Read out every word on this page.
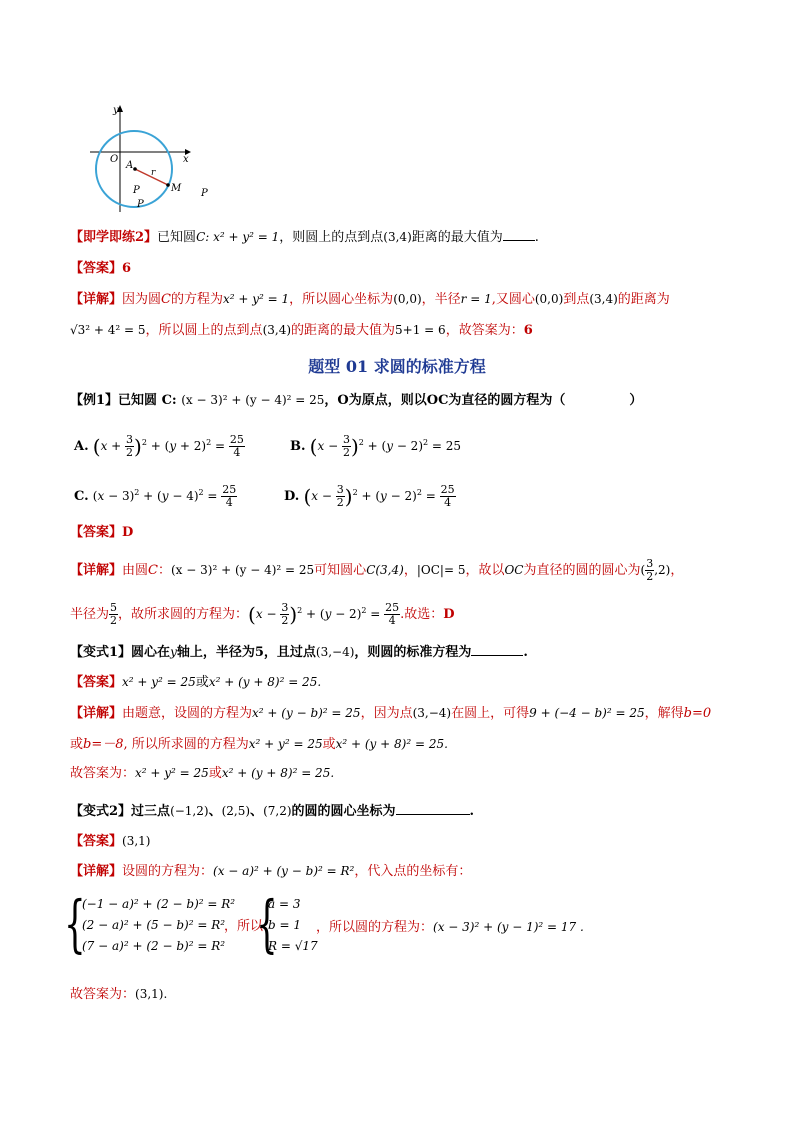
y
x
O
A
r
M
P
P
P
【即学即练2】已知圆C: x² + y² = 1，则圆上的点到点(3,4)距离的最大值为 .
【答案】6
【详解】因为圆C的方程为x² + y² = 1，所以圆心坐标为(0,0)，半径r = 1,又圆心(0,0)到点(3,4)的距离为
√3² + 4² = 5，所以圆上的点到点(3,4)的距离的最大值为5+1 = 6，故答案为：6
题型 01 求圆的标准方程
【例1】已知圆 C: (x − 3)² + (y − 4)² = 25，O为原点，则以OC为直径的圆方程为（	）
A. $(x + \frac{3}{2} )^2 + (y + 2)^2 = \frac{25}{4}$	B. $(x - \frac{3}{2} )^2 + (y - 2)^2 = 25$
C. $(x - 3)^2 + (y - 4)^2 = \frac{25}{4}$	D. $(x - \frac{3}{2} )^2 + (y - 2)^2 = \frac{25}{4}$
【答案】D
【详解】由圆C：(x − 3)² + (y − 4)² = 25可知圆心C(3,4)，|OC|= 5，故以OC为直径的圆的圆心为( $\frac{3}{2} ,2$)，
半径为 $\frac{5}{2}$ ，故所求圆的方程为：$(x - \frac{3}{2} )^2 + (y - 2)^2 = \frac{25}{4}$ .故选：D
【变式1】圆心在y轴上，半径为5，且过点(3,−4)，则圆的标准方程为	.
【答案】x² + y² = 25或x² + (y + 8)² = 25.
【详解】由题意，设圆的方程为x² + (y − b)² = 25，因为点(3,−4)在圆上，可得9 + (−4 − b)² = 25，解得b=0
或b=－8, 所以所求圆的方程为x² + y² = 25或x² + (y + 8)² = 25.
故答案为：x² + y² = 25或x² + (y + 8)² = 25.
【变式2】过三点(−1,2)、(2,5)、(7,2)的圆的圆心坐标为	.
【答案】(3,1)
【详解】设圆的方程为：(x − a)² + (y − b)² = R²，代入点的坐标有：
{
(−1 − a)² + (2 − b)² = R²
(2 − a)² + (5 − b)² = R²
(7 − a)² + (2 − b)² = R²
，所以
{
a = 3
b = 1
R = √17
，所以圆的方程为：(x − 3)² + (y − 1)² = 17 .
故答案为：(3,1).
